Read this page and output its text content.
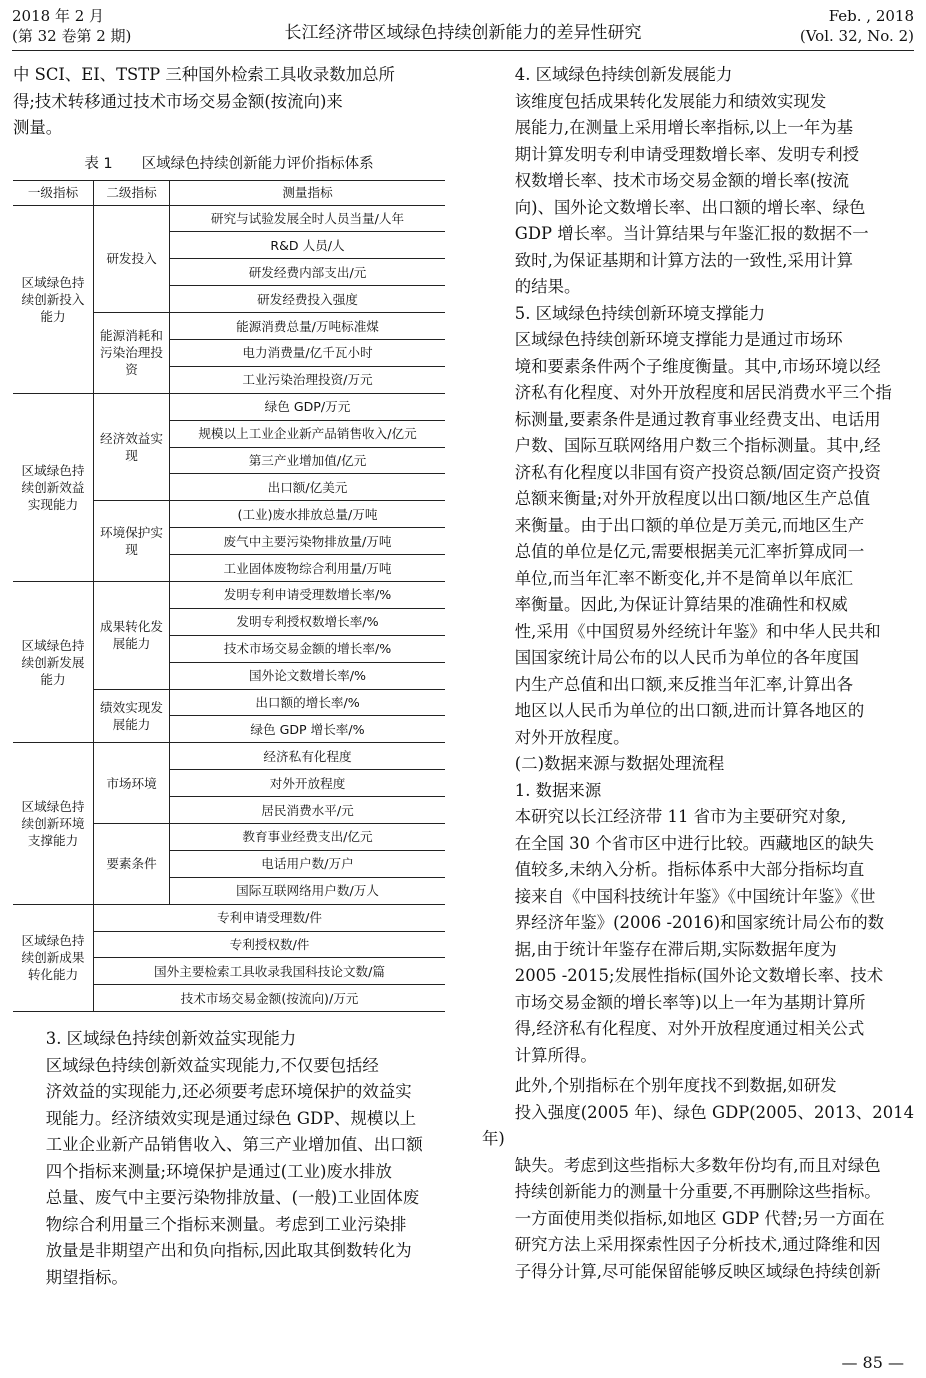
2018 年 2 月
(第 32 卷第 2 期)	长江经济带区域绿色持续创新能力的差异性研究
Feb. , 2018
(Vol. 32, No. 2)

中 SCI、EI、TSTP 三种国外检索工具收录数加总所
得;技术转移通过技术市场交易金额(按流向)来
测量。

表 1　　区域绿色持续创新能力评价指标体系
一级指标	二级指标	测量指标
区域绿色持续创新投入能力	研发投入	研究与试验发展全时人员当量/人年
		R&D 人员/人
		研发经费内部支出/元
		研发经费投入强度
	能源消耗和污染治理投资	能源消费总量/万吨标准煤
		电力消费量/亿千瓦小时
		工业污染治理投资/万元
区域绿色持续创新效益实现能力	经济效益实现	绿色 GDP/万元
		规模以上工业企业新产品销售收入/亿元
		第三产业增加值/亿元
		出口额/亿美元
	环境保护实现	(工业)废水排放总量/万吨
		废气中主要污染物排放量/万吨
		工业固体废物综合利用量/万吨
区域绿色持续创新发展能力	成果转化发展能力	发明专利申请受理数增长率/%
		发明专利授权数增长率/%
		技术市场交易金额的增长率/%
		国外论文数增长率/%
	绩效实现发展能力	出口额的增长率/%
		绿色 GDP 增长率/%
区域绿色持续创新环境支撑能力	市场环境	经济私有化程度
		对外开放程度
		居民消费水平/元
	要素条件	教育事业经费支出/亿元
		电话用户数/万户
		国际互联网络用户数/万人
区域绿色持续创新成果转化能力	专利申请受理数/件	
	专利授权数/件	
	国外主要检索工具收录我国科技论文数/篇	
	技术市场交易金额(按流向)/万元	

3. 区域绿色持续创新效益实现能力

区域绿色持续创新效益实现能力,不仅要包括经
济效益的实现能力,还必须要考虑环境保护的效益实
现能力。经济绩效实现是通过绿色 GDP、规模以上
工业企业新产品销售收入、第三产业增加值、出口额
四个指标来测量;环境保护是通过(工业)废水排放
总量、废气中主要污染物排放量、(一般)工业固体废
物综合利用量三个指标来测量。考虑到工业污染排
放量是非期望产出和负向指标,因此取其倒数转化为
期望指标。

4. 区域绿色持续创新发展能力

该维度包括成果转化发展能力和绩效实现发
展能力,在测量上采用增长率指标,以上一年为基
期计算发明专利申请受理数增长率、发明专利授
权数增长率、技术市场交易金额的增长率(按流
向)、国外论文数增长率、出口额的增长率、绿色
GDP 增长率。当计算结果与年鉴汇报的数据不一
致时,为保证基期和计算方法的一致性,采用计算
的结果。

5. 区域绿色持续创新环境支撑能力

区域绿色持续创新环境支撑能力是通过市场环
境和要素条件两个子维度衡量。其中,市场环境以经
济私有化程度、对外开放程度和居民消费水平三个指
标测量,要素条件是通过教育事业经费支出、电话用
户数、国际互联网络用户数三个指标测量。其中,经
济私有化程度以非国有资产投资总额/固定资产投资
总额来衡量;对外开放程度以出口额/地区生产总值
来衡量。由于出口额的单位是万美元,而地区生产
总值的单位是亿元,需要根据美元汇率折算成同一
单位,而当年汇率不断变化,并不是简单以年底汇
率衡量。因此,为保证计算结果的准确性和权威
性,采用《中国贸易外经统计年鉴》和中华人民共和
国国家统计局公布的以人民币为单位的各年度国
内生产总值和出口额,来反推当年汇率,计算出各
地区以人民币为单位的出口额,进而计算各地区的
对外开放程度。

(二)数据来源与数据处理流程

1. 数据来源

本研究以长江经济带 11 省市为主要研究对象,
在全国 30 个省市区中进行比较。西藏地区的缺失
值较多,未纳入分析。指标体系中大部分指标均直
接来自《中国科技统计年鉴》《中国统计年鉴》《世
界经济年鉴》(2006 -2016)和国家统计局公布的数
据,由于统计年鉴存在滞后期,实际数据年度为
2005 -2015;发展性指标(国外论文数增长率、技术
市场交易金额的增长率等)以上一年为基期计算所
得,经济私有化程度、对外开放程度通过相关公式
计算所得。

此外,个别指标在个别年度找不到数据,如研发
投入强度(2005 年)、绿色 GDP(2005、2013、2014 年)
缺失。考虑到这些指标大多数年份均有,而且对绿色
持续创新能力的测量十分重要,不再删除这些指标。
一方面使用类似指标,如地区 GDP 代替;另一方面在
研究方法上采用探索性因子分析技术,通过降维和因
子得分计算,尽可能保留能够反映区域绿色持续创新

— 85 —
